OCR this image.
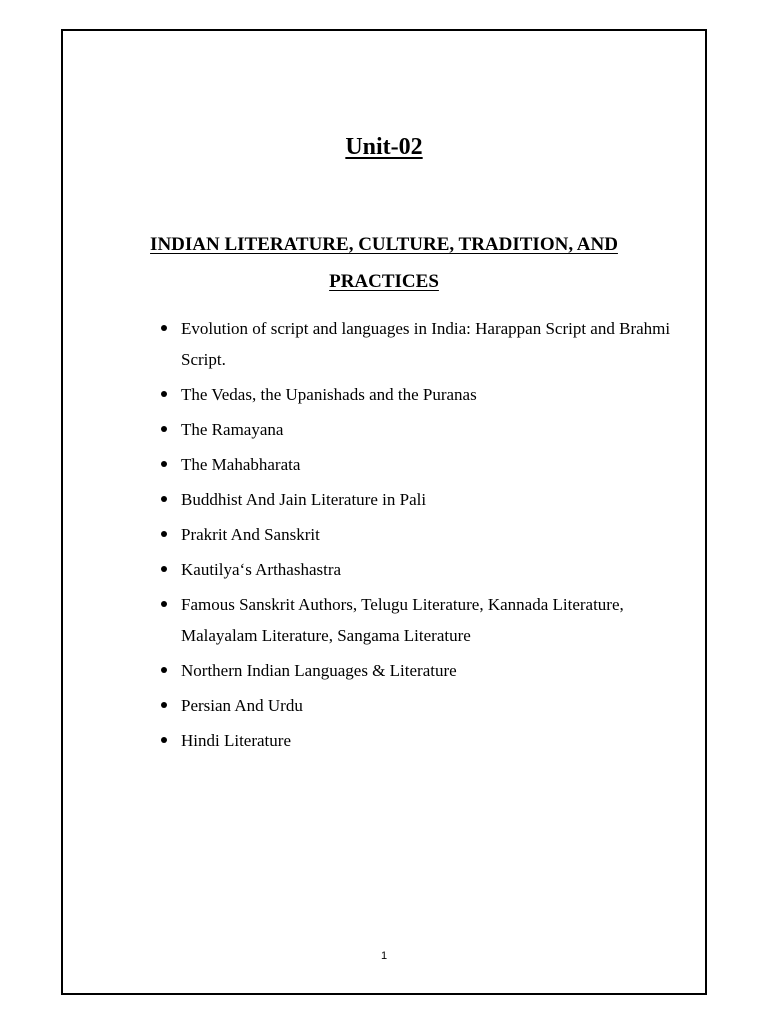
Unit-02
INDIAN LITERATURE, CULTURE, TRADITION, AND
PRACTICES
Evolution of script and languages in India: Harappan Script and Brahmi Script.
The Vedas, the Upanishads and the Puranas
The Ramayana
The Mahabharata
Buddhist And Jain Literature in Pali
Prakrit And Sanskrit
Kautilya‘s Arthashastra
Famous Sanskrit Authors, Telugu Literature, Kannada Literature, Malayalam Literature, Sangama Literature
Northern Indian Languages & Literature
Persian And Urdu
Hindi Literature
1
